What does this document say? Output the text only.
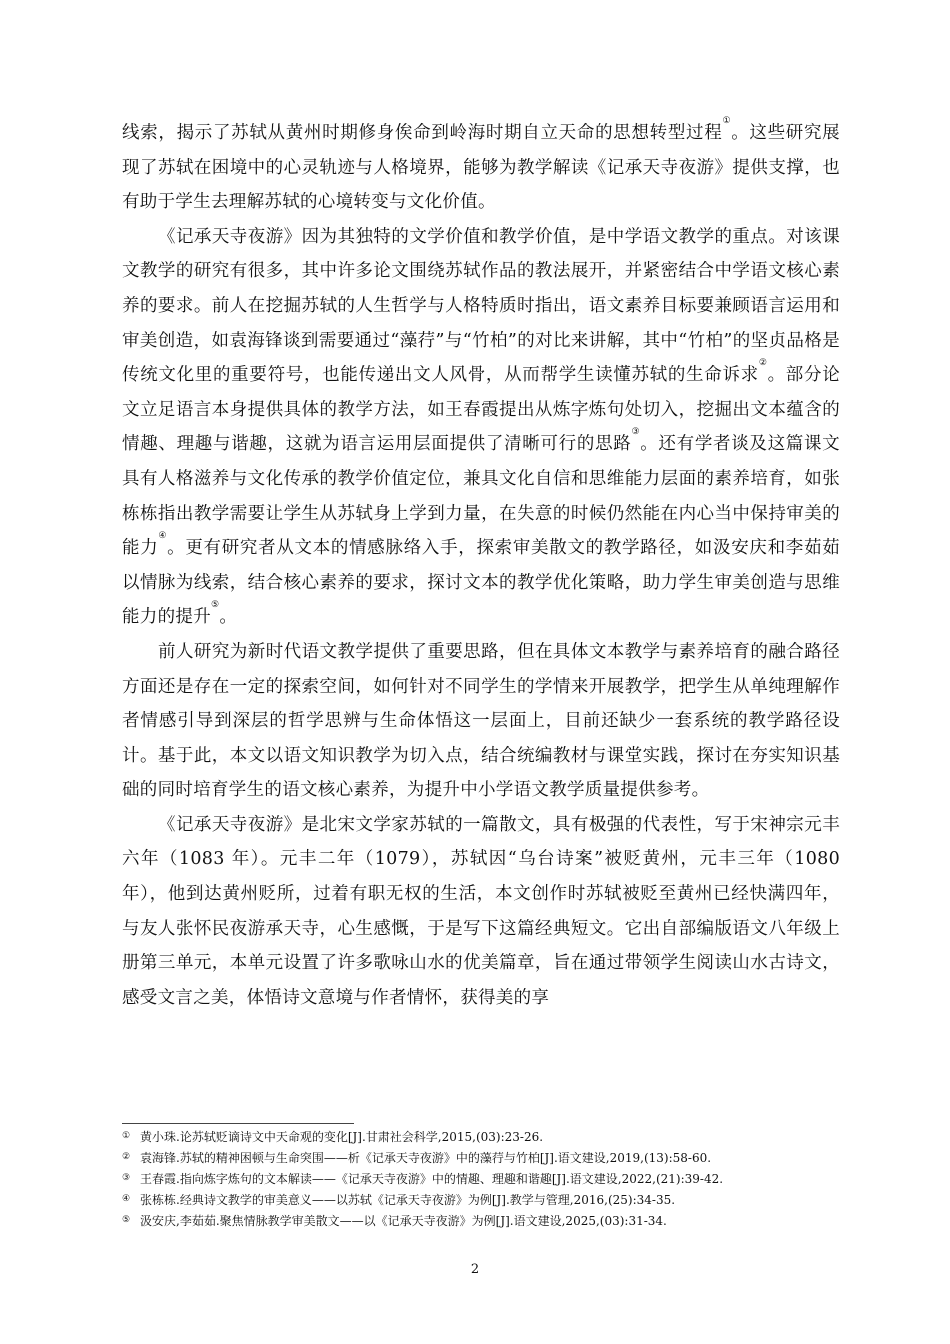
线索，揭示了苏轼从黄州时期修身俟命到岭海时期自立天命的思想转型过程①。这些研究展现了苏轼在困境中的心灵轨迹与人格境界，能够为教学解读《记承天寺夜游》提供支撑，也有助于学生去理解苏轼的心境转变与文化价值。

《记承天寺夜游》因为其独特的文学价值和教学价值，是中学语文教学的重点。对该课文教学的研究有很多，其中许多论文围绕苏轼作品的教法展开，并紧密结合中学语文核心素养的要求。前人在挖掘苏轼的人生哲学与人格特质时指出，语文素养目标要兼顾语言运用和审美创造，如袁海锋谈到需要通过“藻荇”与“竹柏”的对比来讲解，其中“竹柏”的坚贞品格是传统文化里的重要符号，也能传递出文人风骨，从而帮学生读懂苏轼的生命诉求②。部分论文立足语言本身提供具体的教学方法，如王春霞提出从炼字炼句处切入，挖掘出文本蕴含的情趣、理趣与谐趣，这就为语言运用层面提供了清晰可行的思路③。还有学者谈及这篇课文具有人格滋养与文化传承的教学价值定位，兼具文化自信和思维能力层面的素养培育，如张栋栋指出教学需要让学生从苏轼身上学到力量，在失意的时候仍然能在内心当中保持审美的能力④。更有研究者从文本的情感脉络入手，探索审美散文的教学路径，如汲安庆和李茹茹以情脉为线索，结合核心素养的要求，探讨文本的教学优化策略，助力学生审美创造与思维能力的提升⑤。

前人研究为新时代语文教学提供了重要思路，但在具体文本教学与素养培育的融合路径方面还是存在一定的探索空间，如何针对不同学生的学情来开展教学，把学生从单纯理解作者情感引导到深层的哲学思辨与生命体悟这一层面上，目前还缺少一套系统的教学路径设计。基于此，本文以语文知识教学为切入点，结合统编教材与课堂实践，探讨在夯实知识基础的同时培育学生的语文核心素养，为提升中小学语文教学质量提供参考。

《记承天寺夜游》是北宋文学家苏轼的一篇散文，具有极强的代表性，写于宋神宗元丰六年（1083 年）。元丰二年（1079），苏轼因“乌台诗案”被贬黄州，元丰三年（1080 年），他到达黄州贬所，过着有职无权的生活，本文创作时苏轼被贬至黄州已经快满四年，与友人张怀民夜游承天寺，心生感慨，于是写下这篇经典短文。它出自部编版语文八年级上册第三单元，本单元设置了许多歌咏山水的优美篇章，旨在通过带领学生阅读山水古诗文，感受文言之美，体悟诗文意境与作者情怀，获得美的享

① 黄小珠.论苏轼贬谪诗文中天命观的变化[J].甘肃社会科学,2015,(03):23-26.
② 袁海锋.苏轼的精神困顿与生命突围——析《记承天寺夜游》中的藻荇与竹柏[J].语文建设,2019,(13):58-60.
③ 王春霞.指向炼字炼句的文本解读——《记承天寺夜游》中的情趣、理趣和谐趣[J].语文建设,2022,(21):39-42.
④ 张栋栋.经典诗文教学的审美意义——以苏轼《记承天寺夜游》为例[J].教学与管理,2016,(25):34-35.
⑤ 汲安庆,李茹茹.聚焦情脉教学审美散文——以《记承天寺夜游》为例[J].语文建设,2025,(03):31-34.
2
